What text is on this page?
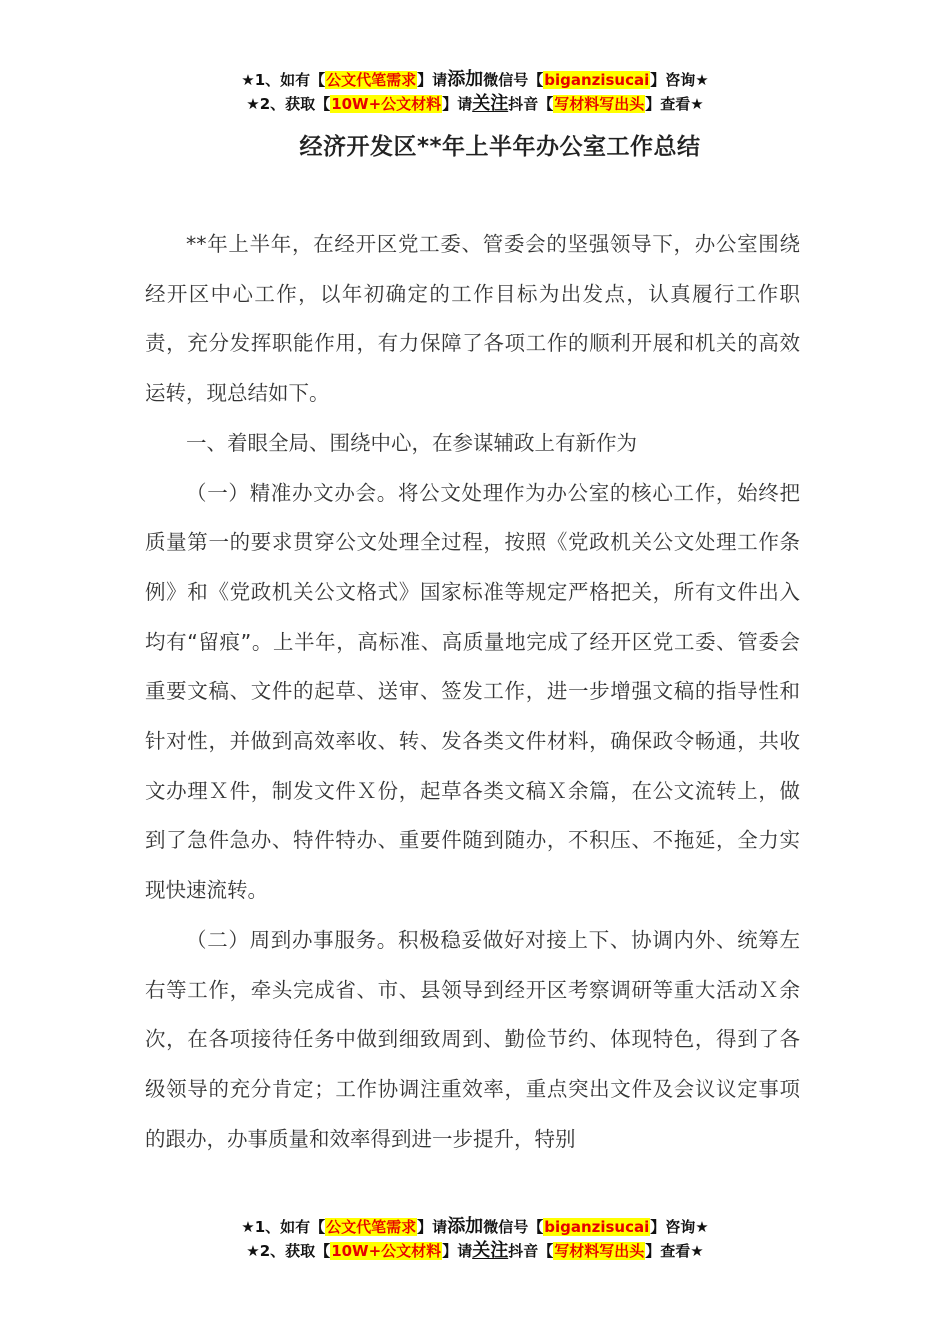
★1、如有【公文代笔需求】请添加微信号【biganzisucai】咨询★
★2、获取【10W+公文材料】请关注抖音【写材料写出头】查看★
经济开发区**年上半年办公室工作总结

**年上半年，在经开区党工委、管委会的坚强领导下，办公室围绕经开区中心工作，以年初确定的工作目标为出发点，认真履行工作职责，充分发挥职能作用，有力保障了各项工作的顺利开展和机关的高效运转，现总结如下。

一、着眼全局、围绕中心，在参谋辅政上有新作为

（一）精准办文办会。将公文处理作为办公室的核心工作，始终把质量第一的要求贯穿公文处理全过程，按照《党政机关公文处理工作条例》和《党政机关公文格式》国家标准等规定严格把关，所有文件出入均有“留痕”。上半年，高标准、高质量地完成了经开区党工委、管委会重要文稿、文件的起草、送审、签发工作，进一步增强文稿的指导性和针对性，并做到高效率收、转、发各类文件材料，确保政令畅通，共收文办理Ｘ件，制发文件Ｘ份，起草各类文稿Ｘ余篇，在公文流转上，做到了急件急办、特件特办、重要件随到随办，不积压、不拖延，全力实现快速流转。

（二）周到办事服务。积极稳妥做好对接上下、协调内外、统筹左右等工作，牵头完成省、市、县领导到经开区考察调研等重大活动Ｘ余次，在各项接待任务中做到细致周到、勤俭节约、体现特色，得到了各级领导的充分肯定；工作协调注重效率，重点突出文件及会议议定事项的跟办，办事质量和效率得到进一步提升，特别

★1、如有【公文代笔需求】请添加微信号【biganzisucai】咨询★
★2、获取【10W+公文材料】请关注抖音【写材料写出头】查看★
